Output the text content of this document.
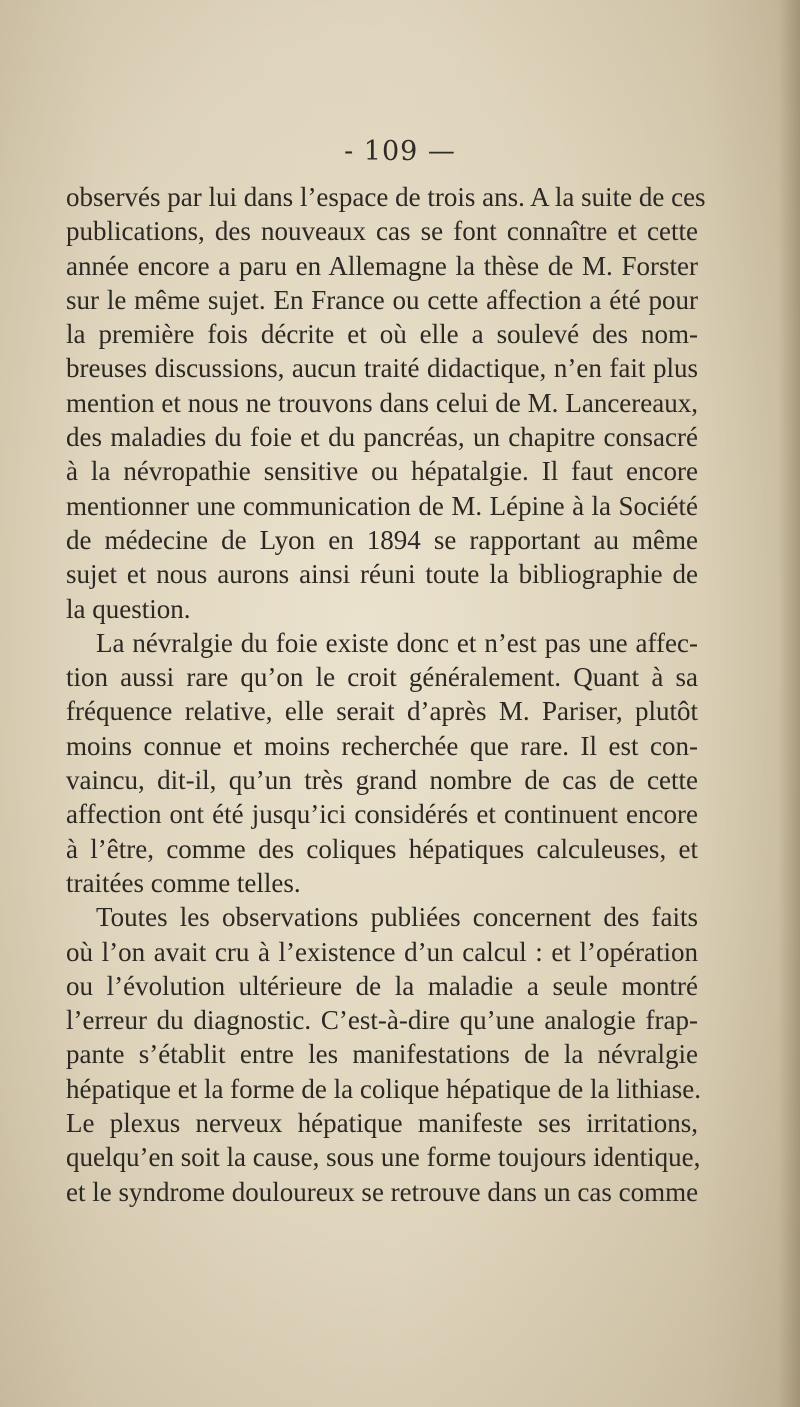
- 109 —
observés par lui dans l’espace de trois ans. A la suite de ces
publications, des nouveaux cas se font connaître et cette
année encore a paru en Allemagne la thèse de M. Forster
sur le même sujet. En France ou cette affection a été pour
la première fois décrite et où elle a soulevé des nom-
breuses discussions, aucun traité didactique, n’en fait plus
mention et nous ne trouvons dans celui de M. Lancereaux,
des maladies du foie et du pancréas, un chapitre consacré
à la névropathie sensitive ou hépatalgie. Il faut encore
mentionner une communication de M. Lépine à la Société
de médecine de Lyon en 1894 se rapportant au même
sujet et nous aurons ainsi réuni toute la bibliographie de
la question.
La névralgie du foie existe donc et n’est pas une affec-
tion aussi rare qu’on le croit généralement. Quant à sa
fréquence relative, elle serait d’après M. Pariser, plutôt
moins connue et moins recherchée que rare. Il est con-
vaincu, dit-il, qu’un très grand nombre de cas de cette
affection ont été jusqu’ici considérés et continuent encore
à l’être, comme des coliques hépatiques calculeuses, et
traitées comme telles.
Toutes les observations publiées concernent des faits
où l’on avait cru à l’existence d’un calcul : et l’opération
ou l’évolution ultérieure de la maladie a seule montré
l’erreur du diagnostic. C’est-à-dire qu’une analogie frap-
pante s’établit entre les manifestations de la névralgie
hépatique et la forme de la colique hépatique de la lithiase.
Le plexus nerveux hépatique manifeste ses irritations,
quelqu’en soit la cause, sous une forme toujours identique,
et le syndrome douloureux se retrouve dans un cas comme
